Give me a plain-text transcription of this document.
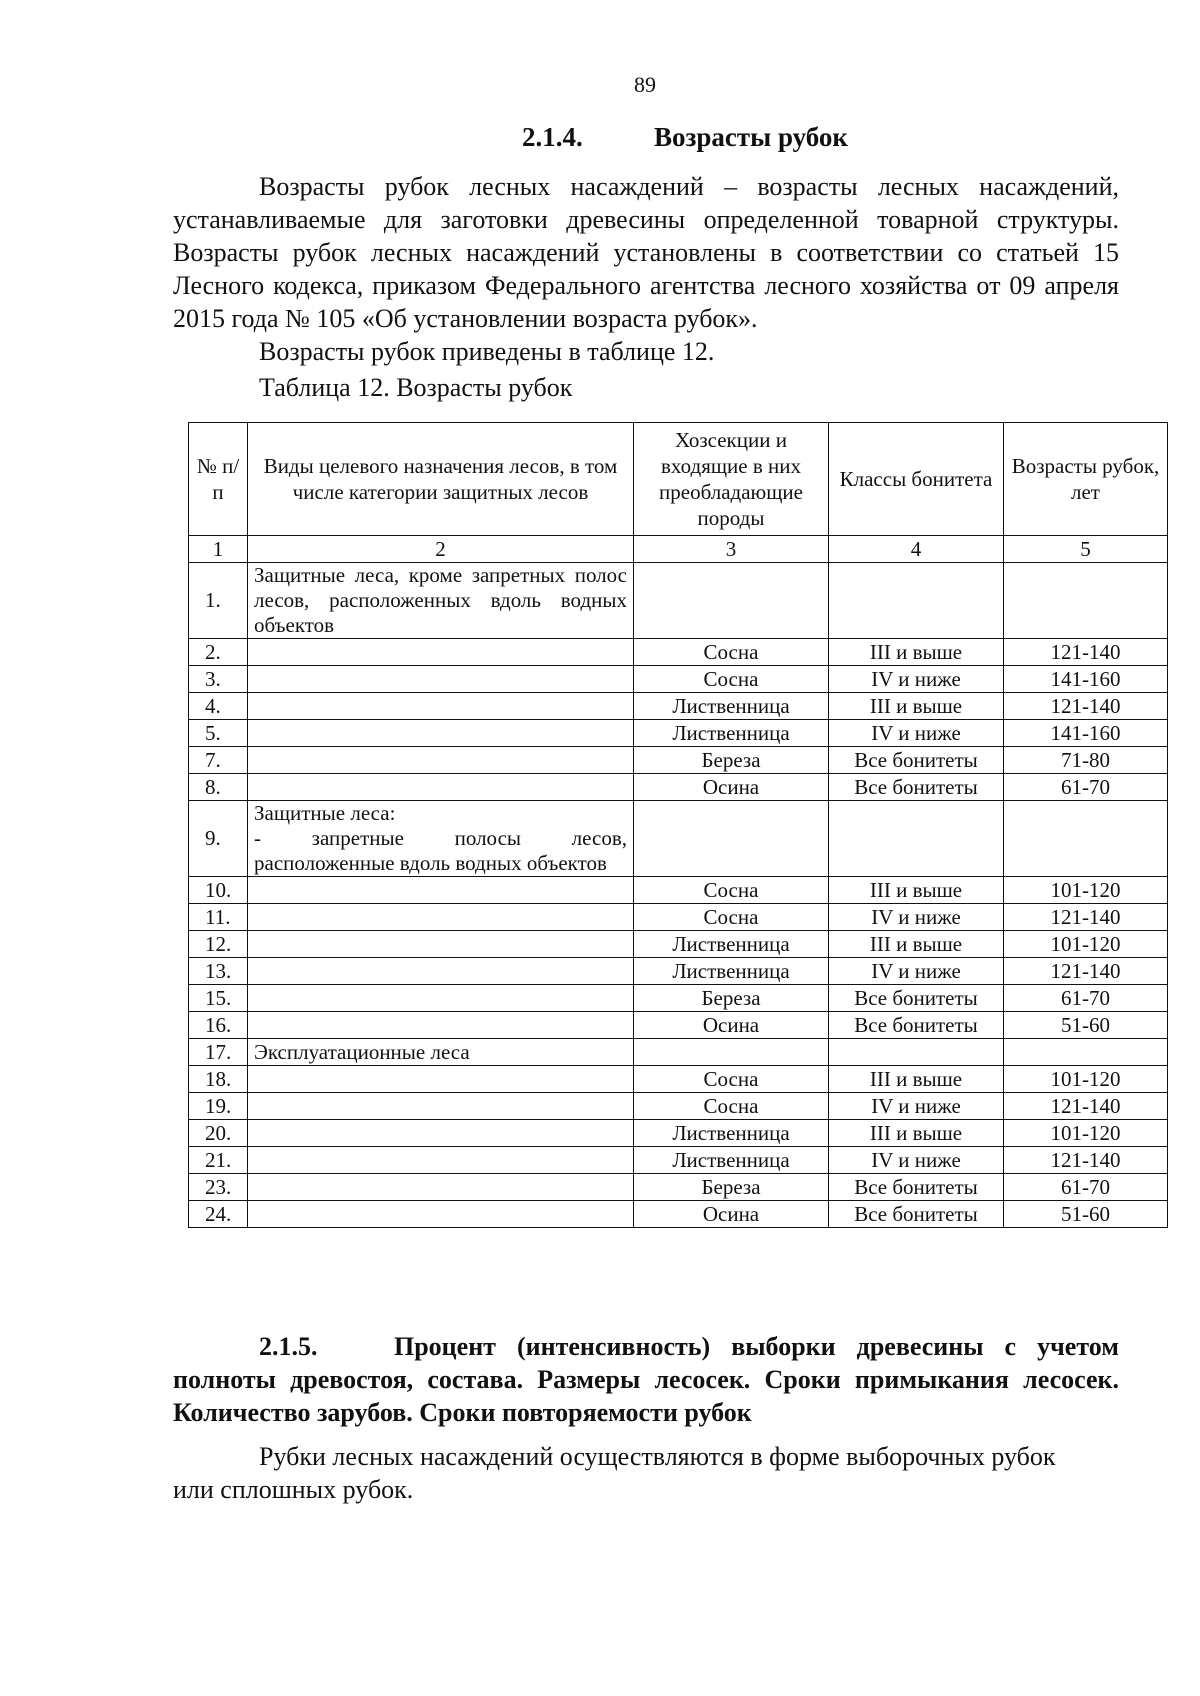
89
2.1.4.	Возрасты рубок

Возрасты рубок лесных насаждений – возрасты лесных насаждений, устанавливаемые для заготовки древесины определенной товарной структуры. Возрасты рубок лесных насаждений установлены в соответствии со статьей 15 Лесного кодекса, приказом Федерального агентства лесного хозяйства от 09 апреля 2015 года № 105 «Об установлении возраста рубок».

Возрасты рубок приведены в таблице 12.

Таблица 12. Возрасты рубок
№ п/п	Виды целевого назначения лесов, в том числе категории защитных лесов	Хозсекции и входящие в них преобладающие породы	Классы бонитета	Возрасты рубок, лет
1	2	3	4	5
1.	Защитные леса, кроме запретных полос лесов, расположенных вдоль водных объектов			
2.		Сосна	III и выше	121-140
3.		Сосна	IV и ниже	141-160
4.		Лиственница	III и выше	121-140
5.		Лиственница	IV и ниже	141-160
7.		Береза	Все бонитеты	71-80
8.		Осина	Все бонитеты	61-70
9.	Защитные леса:
- запретные полосы лесов, расположенные вдоль водных объектов			
10.		Сосна	III и выше	101-120
11.		Сосна	IV и ниже	121-140
12.		Лиственница	III и выше	101-120
13.		Лиственница	IV и ниже	121-140
15.		Береза	Все бонитеты	61-70
16.		Осина	Все бонитеты	51-60
17.	Эксплуатационные леса			
18.		Сосна	III и выше	101-120
19.		Сосна	IV и ниже	121-140
20.		Лиственница	III и выше	101-120
21.		Лиственница	IV и ниже	121-140
23.		Береза	Все бонитеты	61-70
24.		Осина	Все бонитеты	51-60
2.1.5.	Процент (интенсивность) выборки древесины с учетом полноты древостоя, состава. Размеры лесосек. Сроки примыкания лесосек. Количество зарубов. Сроки повторяемости рубок

Рубки лесных насаждений осуществляются в форме выборочных рубок или сплошных рубок.
